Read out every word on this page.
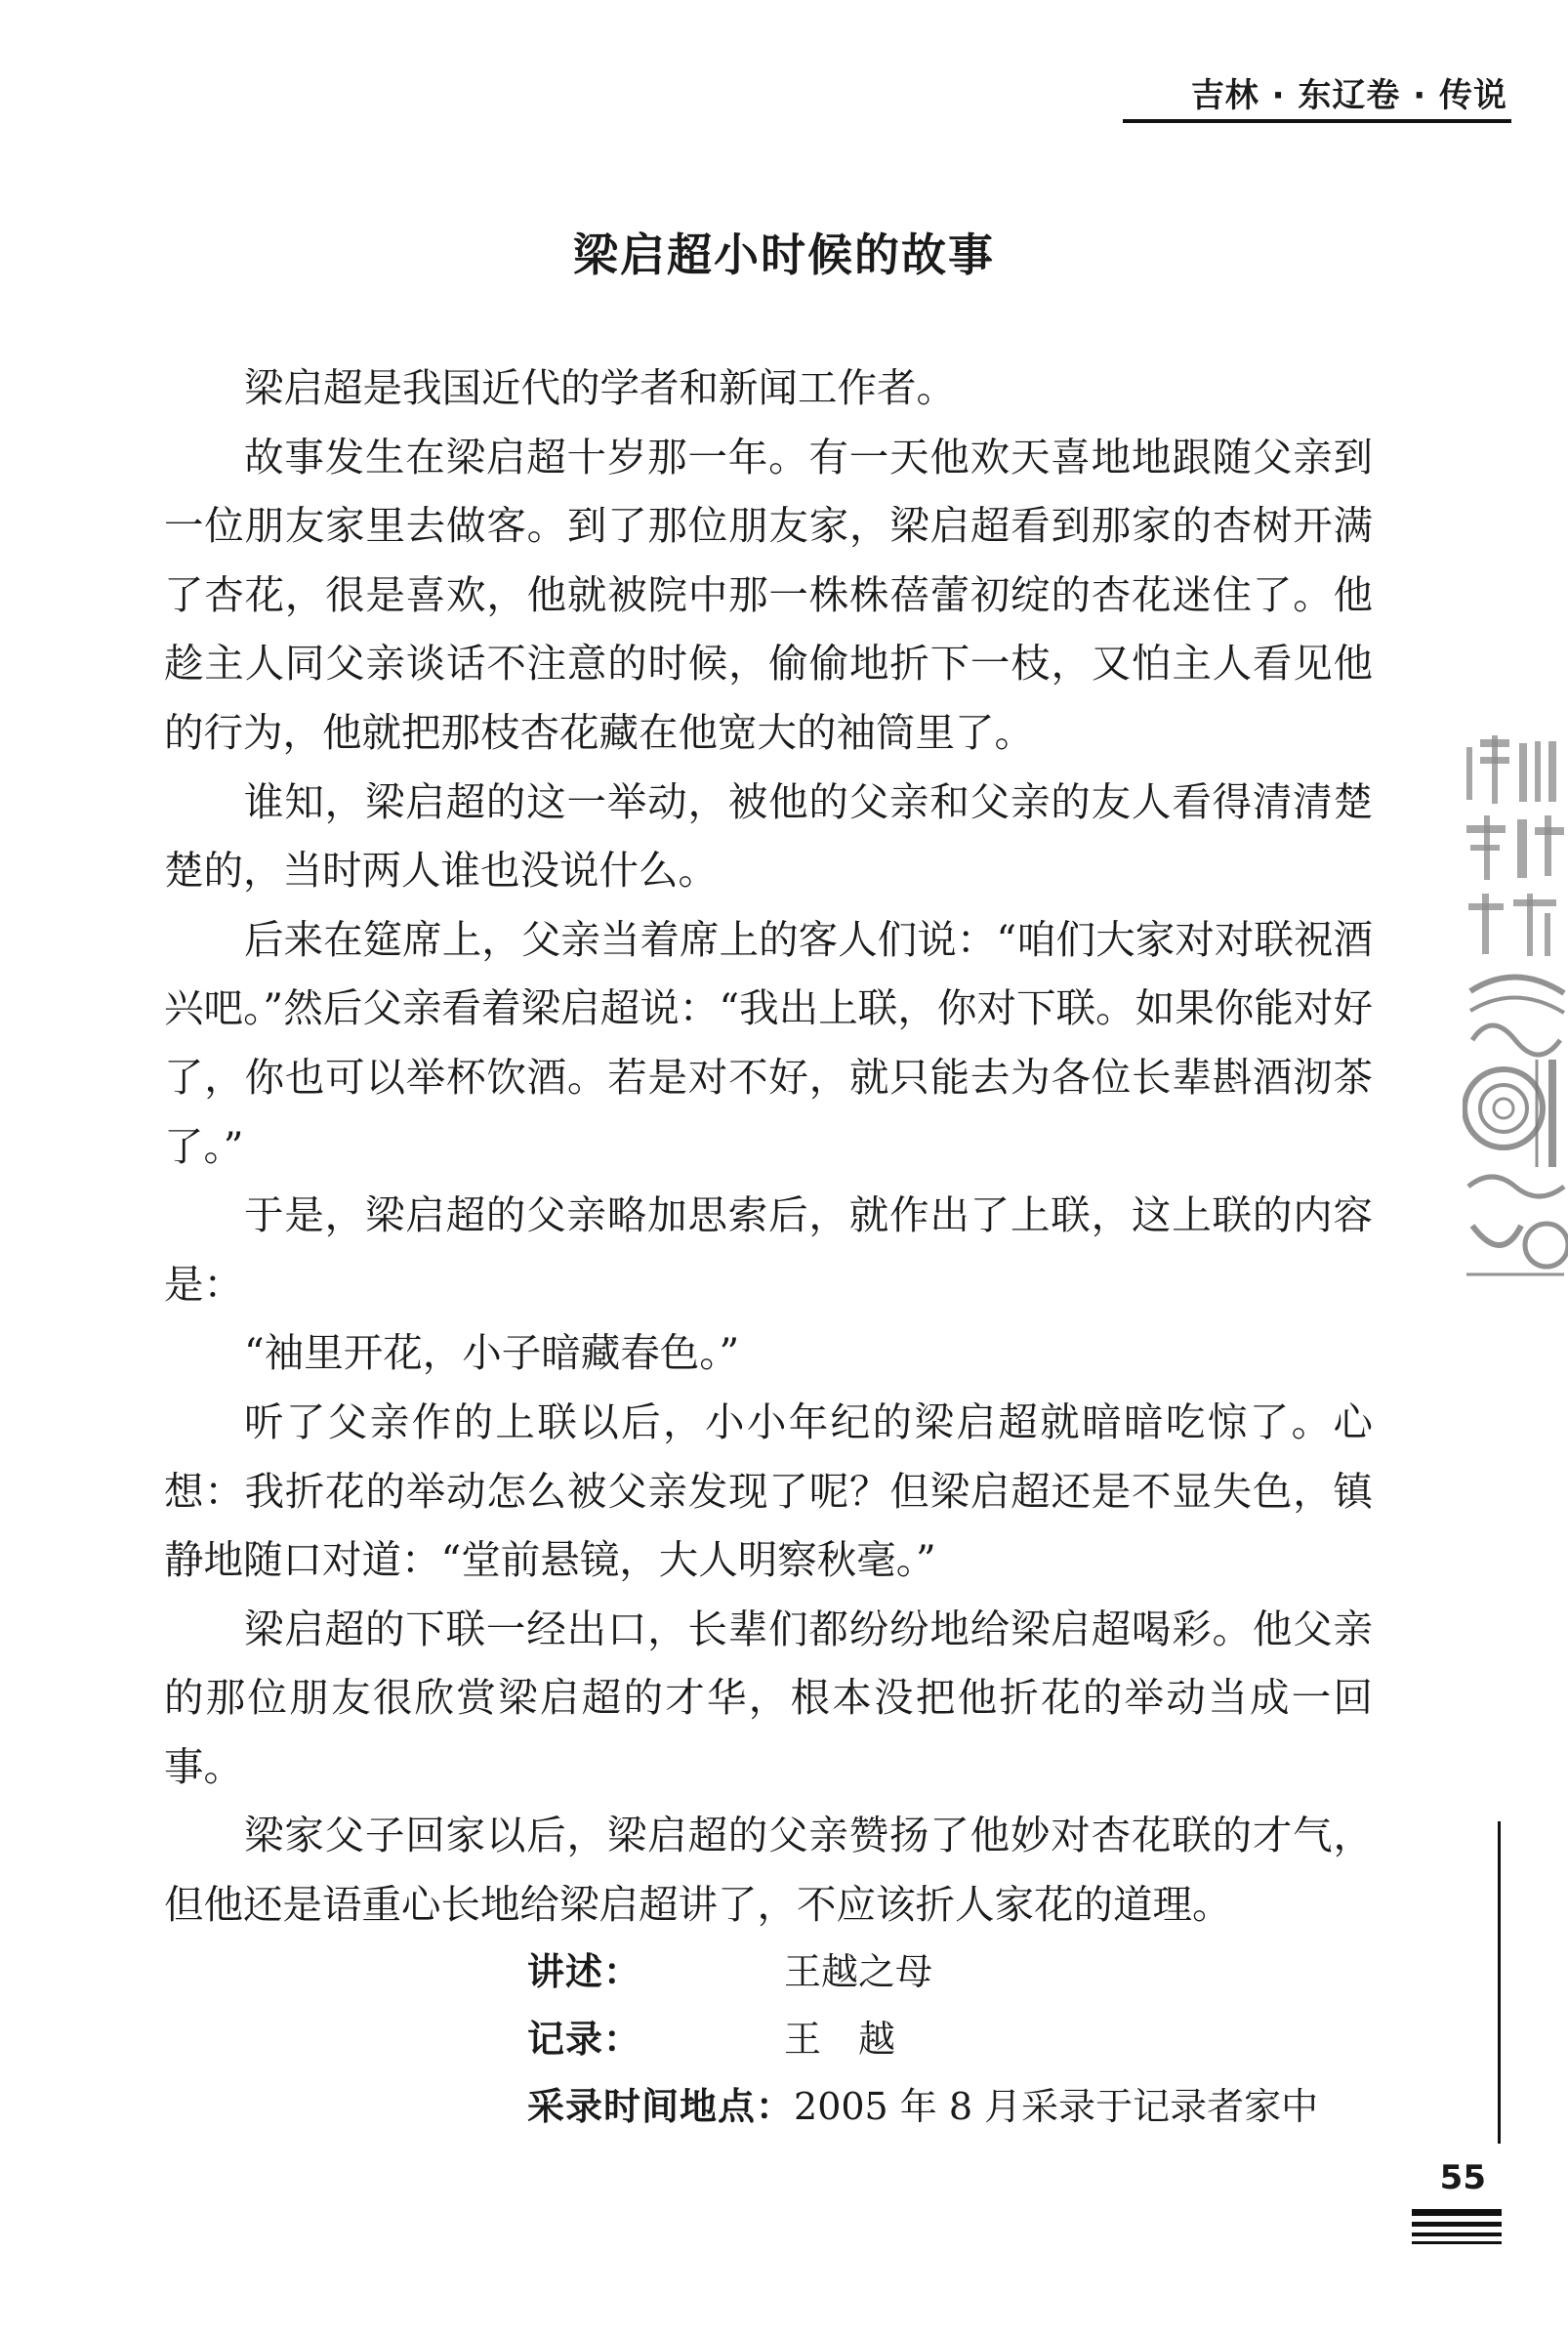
吉林 · 东辽卷 · 传说
梁启超小时候的故事

梁启超是我国近代的学者和新闻工作者。

故事发生在梁启超十岁那一年。有一天他欢天喜地地跟随父亲到一位朋友家里去做客。到了那位朋友家，梁启超看到那家的杏树开满了杏花，很是喜欢，他就被院中那一株株蓓蕾初绽的杏花迷住了。他趁主人同父亲谈话不注意的时候，偷偷地折下一枝，又怕主人看见他的行为，他就把那枝杏花藏在他宽大的袖筒里了。

谁知，梁启超的这一举动，被他的父亲和父亲的友人看得清清楚楚的，当时两人谁也没说什么。

后来在筵席上，父亲当着席上的客人们说：“咱们大家对对联祝酒兴吧。”然后父亲看着梁启超说：“我出上联，你对下联。如果你能对好了，你也可以举杯饮酒。若是对不好，就只能去为各位长辈斟酒沏茶了。”

于是，梁启超的父亲略加思索后，就作出了上联，这上联的内容是：

“袖里开花，小子暗藏春色。”

听了父亲作的上联以后，小小年纪的梁启超就暗暗吃惊了。心想：我折花的举动怎么被父亲发现了呢？但梁启超还是不显失色，镇静地随口对道：“堂前悬镜，大人明察秋毫。”

梁启超的下联一经出口，长辈们都纷纷地给梁启超喝彩。他父亲的那位朋友很欣赏梁启超的才华，根本没把他折花的举动当成一回事。

梁家父子回家以后，梁启超的父亲赞扬了他妙对杏花联的才气，但他还是语重心长地给梁启超讲了，不应该折人家花的道理。

讲述：	王越之母
记录：	王　越
采录时间地点：2005 年 8 月采录于记录者家中
55
